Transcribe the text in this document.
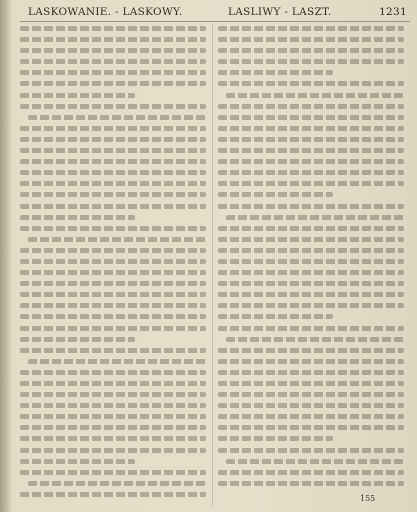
LASKOWANIE. - LASKOWY.	LASLIWY - LASZT.	1231
155
